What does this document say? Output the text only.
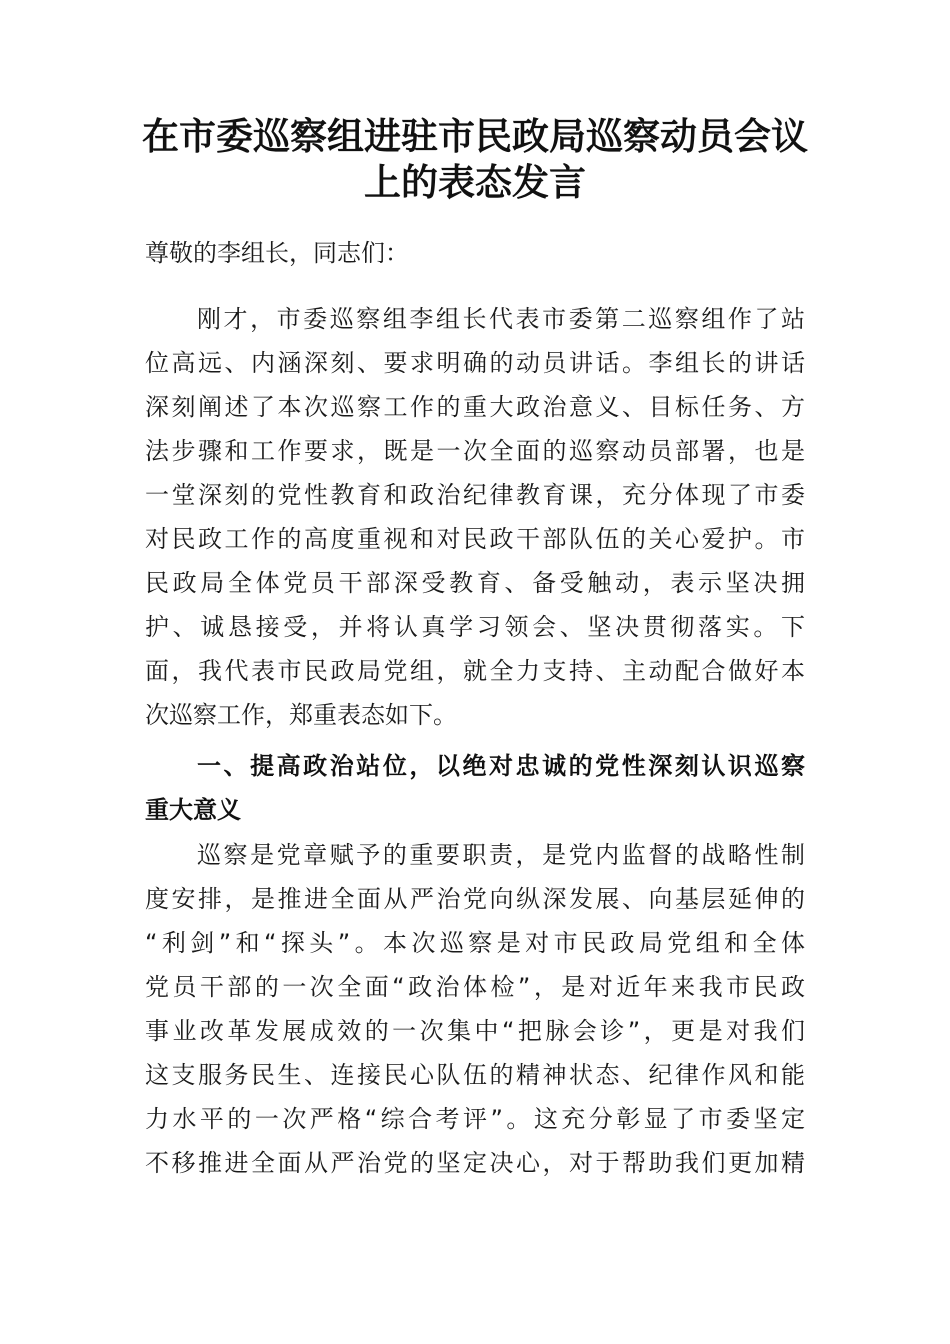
在市委巡察组进驻市民政局巡察动员会议
上的表态发言
尊敬的李组长，同志们：
刚才，市委巡察组李组长代表市委第二巡察组作了站
位高远、内涵深刻、要求明确的动员讲话。李组长的讲话
深刻阐述了本次巡察工作的重大政治意义、目标任务、方
法步骤和工作要求，既是一次全面的巡察动员部署，也是
一堂深刻的党性教育和政治纪律教育课，充分体现了市委
对民政工作的高度重视和对民政干部队伍的关心爱护。市
民政局全体党员干部深受教育、备受触动，表示坚决拥
护、诚恳接受，并将认真学习领会、坚决贯彻落实。下
面，我代表市民政局党组，就全力支持、主动配合做好本
次巡察工作，郑重表态如下。
一、提高政治站位，以绝对忠诚的党性深刻认识巡察
重大意义
巡察是党章赋予的重要职责，是党内监督的战略性制
度安排，是推进全面从严治党向纵深发展、向基层延伸的
“利剑”和“探头”。本次巡察是对市民政局党组和全体
党员干部的一次全面“政治体检”，是对近年来我市民政
事业改革发展成效的一次集中“把脉会诊”，更是对我们
这支服务民生、连接民心队伍的精神状态、纪律作风和能
力水平的一次严格“综合考评”。这充分彰显了市委坚定
不移推进全面从严治党的坚定决心，对于帮助我们更加精
